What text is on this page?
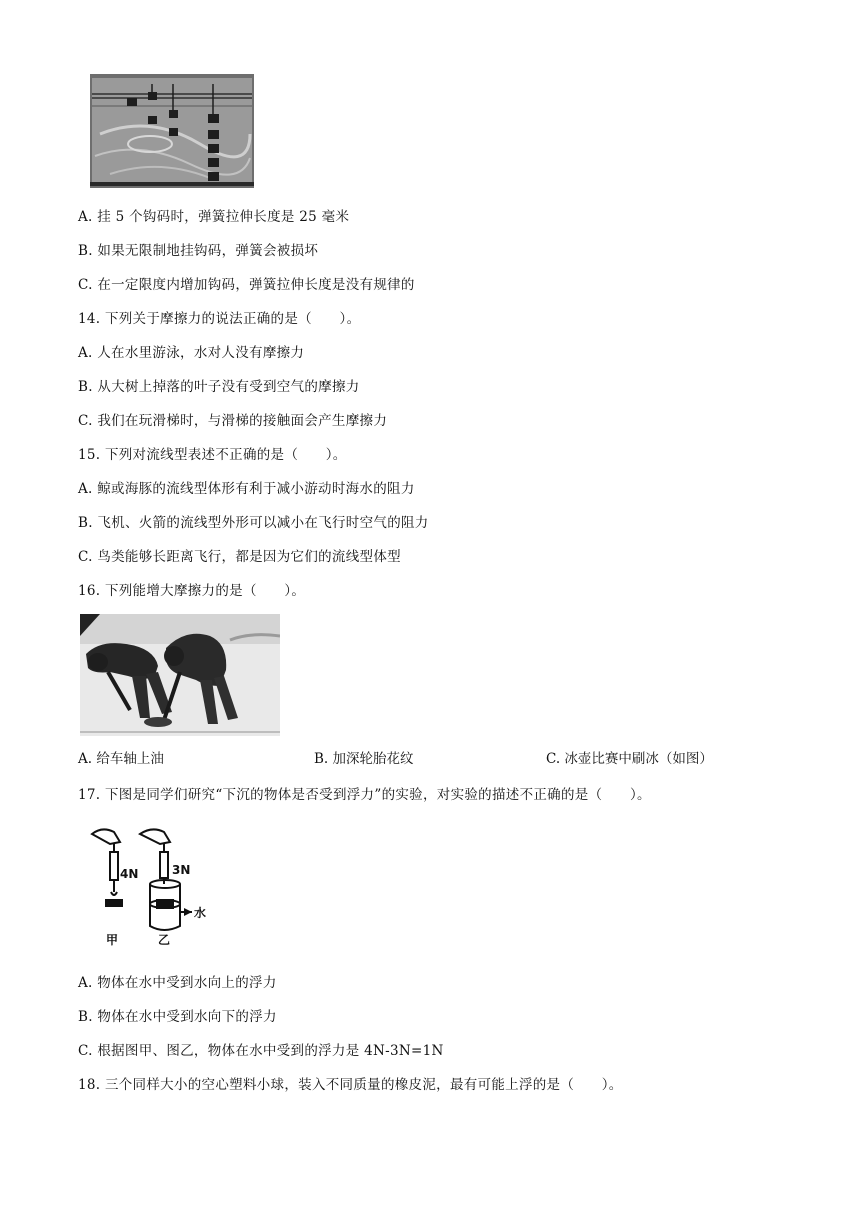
A. 挂 5 个钩码时，弹簧拉伸长度是 25 毫米
B. 如果无限制地挂钩码，弹簧会被损坏
C. 在一定限度内增加钩码，弹簧拉伸长度是没有规律的
14. 下列关于摩擦力的说法正确的是（　　）。
A. 人在水里游泳，水对人没有摩擦力
B. 从大树上掉落的叶子没有受到空气的摩擦力
C. 我们在玩滑梯时，与滑梯的接触面会产生摩擦力
15. 下列对流线型表述不正确的是（　　）。
A. 鲸或海豚的流线型体形有利于减小游动时海水的阻力
B. 飞机、火箭的流线型外形可以减小在飞行时空气的阻力
C. 鸟类能够长距离飞行，都是因为它们的流线型体型
16. 下列能增大摩擦力的是（　　）。
A. 给车轴上油	B. 加深轮胎花纹	C. 冰壶比赛中刷冰（如图）
17. 下图是同学们研究“下沉的物体是否受到浮力”的实验，对实验的描述不正确的是（　　）。
4N	3N
水
甲	乙
A. 物体在水中受到水向上的浮力
B. 物体在水中受到水向下的浮力
C. 根据图甲、图乙，物体在水中受到的浮力是 4N-3N=1N
18. 三个同样大小的空心塑料小球，装入不同质量的橡皮泥，最有可能上浮的是（　　）。
